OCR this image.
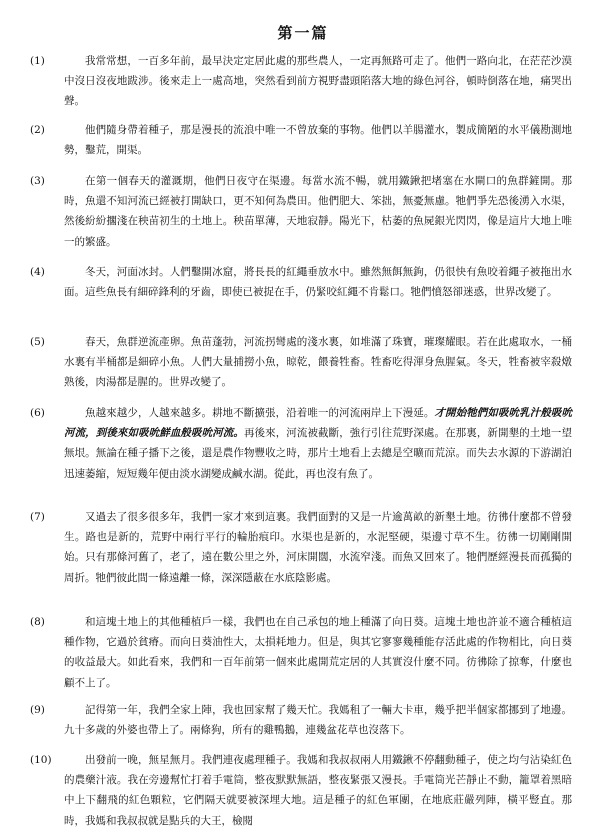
第一篇
(1)	我常常想，一百多年前，最早決定定居此處的那些農人，一定再無路可走了。他們一路向北，在茫茫沙漠中沒日沒夜地跋涉。後來走上一處高地，突然看到前方視野盡頭陷落大地的綠色河谷，頓時倒落在地，痛哭出聲。

(2)	他們隨身帶着種子，那是漫長的流浪中唯一不曾放棄的事物。他們以羊腸灌水，製成簡陋的水平儀勘測地勢，鑿荒，開渠。

(3)	在第一個春天的灌溉期，他們日夜守在渠邊。每當水流不暢，就用鐵鍬把堵塞在水閘口的魚群鏟開。那時，魚還不知河流已經被打開缺口，更不知何為農田。他們肥大、笨拙，無憂無慮。牠們爭先恐後湧入水渠，然後紛紛擱淺在秧苗初生的土地上。秧苗單薄，天地寂靜。陽光下，枯萎的魚屍銀光閃閃，像是這片大地上唯一的繁盛。

(4)	冬天，河面冰封。人們鑿開冰窟，將長長的紅繩垂放水中。雖然無餌無鉤，仍很快有魚咬着繩子被拖出水面。這些魚長有細碎鋒利的牙齒，即使已被捉在手，仍緊咬紅繩不肯鬆口。牠們憤怒卻迷惑，世界改變了。

(5)	春天，魚群逆流產卵。魚苗蓬勃，河流拐彎處的淺水裏，如堆滿了珠寶，璀璨耀眼。若在此處取水，一桶水裏有半桶都是細碎小魚。人們大量捕撈小魚，晾乾，餵養牲畜。牲畜吃得渾身魚腥氣。冬天，牲畜被宰殺燉熟後，肉湯都是腥的。世界改變了。

(6)	魚越來越少，人越來越多。耕地不斷擴張，沿着唯一的河流兩岸上下漫延。才開始牠們如吸吮乳汁般吸吮河流，到後來如吸吮鮮血般吸吮河流。再後來，河流被截斷，強行引往荒野深處。在那裏，新開墾的土地一望無垠。無論在種子播下之後，還是農作物豐收之時，那片土地看上去總是空曠而荒涼。而失去水源的下游湖泊迅速萎縮，短短幾年便由淡水湖變成鹹水湖。從此，再也沒有魚了。

(7)	又過去了很多很多年，我們一家才來到這裏。我們面對的又是一片逾萬畝的新墾土地。彷彿什麼都不曾發生。路也是新的，荒野中兩行平行的輪胎痕印。水渠也是新的，水泥堅硬，渠邊寸草不生。彷彿一切剛剛開始。只有那條河舊了，老了，遠在數公里之外，河床開闊，水流窄淺。而魚又回來了。牠們歷經漫長而孤獨的周折。牠們彼此間一條遠離一條，深深隱蔽在水底陰影處。

(8)	和這塊土地上的其他種植戶一樣，我們也在自己承包的地上種滿了向日葵。這塊土地也許並不適合種植這種作物，它過於貧瘠。而向日葵油性大，太損耗地力。但是，與其它寥寥幾種能存活此處的作物相比，向日葵的收益最大。如此看來，我們和一百年前第一個來此處開荒定居的人其實沒什麼不同。彷彿除了掠奪，什麼也顧不上了。

(9)	記得第一年，我們全家上陣，我也回家幫了幾天忙。我媽租了一輛大卡車，幾乎把半個家都挪到了地邊。九十多歲的外婆也帶上了。兩條狗，所有的雞鴨鵝，連幾盆花草也沒落下。

(10)	出發前一晚，無星無月。我們連夜處理種子。我媽和我叔叔兩人用鐵鍬不停翻動種子，使之均勻沾染紅色的農藥汁液。我在旁邊幫忙打着手電筒，整夜默默無語，整夜緊張又漫長。手電筒光芒靜止不動，籠罩着黑暗中上下翻飛的紅色顆粒，它們隔天就要被深埋大地。這是種子的紅色軍團，在地底莊嚴列陣，橫平豎直。那時，我媽和我叔叔就是點兵的大王，檢閱
